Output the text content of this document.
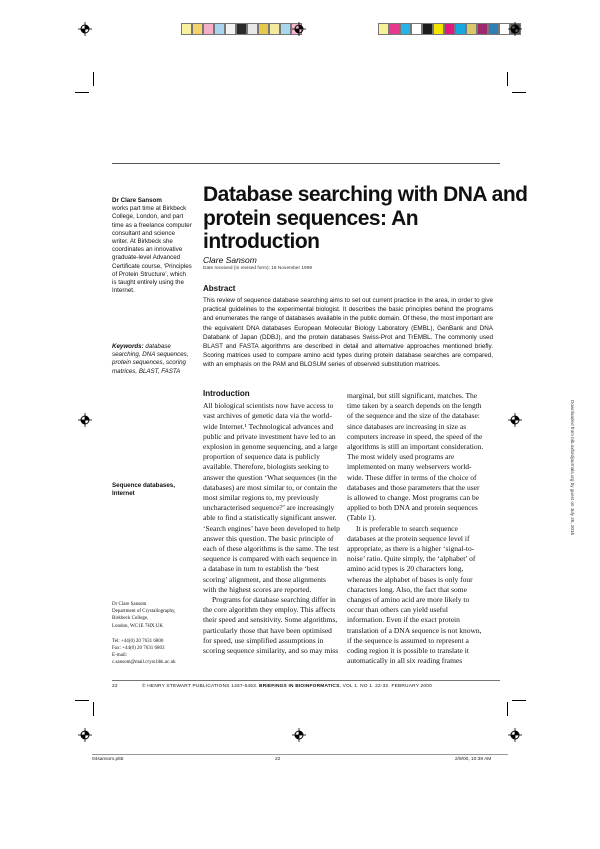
Dr Clare Sansom
works part time at Birkbeck College, London, and part time as a freelance computer consultant and science writer. At Birkbeck she coordinates an innovative graduate-level Advanced Certificate course, ‘Principles of Protein Structure’, which is taught entirely using the Internet.
Keywords: database searching, DNA sequences, protein sequences, scoring matrices, BLAST, FASTA
Sequence databases, Internet
Dr Clare Sansom
Department of Crystallography,
Birkbeck College,
London, WC1E 7HX UK
Tel: +44(0) 20 7631 6800
Fax: +44(0) 20 7631 6803
E-mail:
c.sansom@mail.cryst.bbk.ac.uk
Database searching with DNA and protein sequences: An introduction
Clare Sansom
Date received (in revised form): 18 November 1999
Abstract
This review of sequence database searching aims to set out current practice in the area, in order to give practical guidelines to the experimental biologist. It describes the basic principles behind the programs and enumerates the range of databases available in the public domain. Of these, the most important are the equivalent DNA databases European Molecular Biology Laboratory (EMBL), GenBank and DNA Databank of Japan (DDBJ), and the protein databases Swiss-Prot and TrEMBL. The commonly used BLAST and FASTA algorithms are described in detail and alternative approaches mentioned briefly. Scoring matrices used to compare amino acid types during protein database searches are compared, with an emphasis on the PAM and BLOSUM series of observed substitution matrices.
Introduction

All biological scientists now have access to vast archives of genetic data via the world-wide Internet.¹ Technological advances and public and private investment have led to an explosion in genome sequencing, and a large proportion of sequence data is publicly available. Therefore, biologists seeking to answer the question ‘What sequences (in the databases) are most similar to, or contain the most similar regions to, my previously uncharacterised sequence?’ are increasingly able to find a statistically significant answer. ‘Search engines’ have been developed to help answer this question. The basic principle of each of these algorithms is the same. The test sequence is compared with each sequence in a database in turn to establish the ‘best scoring’ alignment, and those alignments with the highest scores are reported.

Programs for database searching differ in the core algorithm they employ. This affects their speed and sensitivity. Some algorithms, particularly those that have been optimised for speed, use simplified assumptions in scoring sequence similarity, and so may miss

marginal, but still significant, matches. The time taken by a search depends on the length of the sequence and the size of the database: since databases are increasing in size as computers increase in speed, the speed of the algorithms is still an important consideration. The most widely used programs are implemented on many webservers world-wide. These differ in terms of the choice of databases and those parameters that the user is allowed to change. Most programs can be applied to both DNA and protein sequences (Table 1).

It is preferable to search sequence databases at the protein sequence level if appropriate, as there is a higher ‘signal-to-noise’ ratio. Quite simply, the ‘alphabet’ of amino acid types is 20 characters long, whereas the alphabet of bases is only four characters long. Also, the fact that some changes of amino acid are more likely to occur than others can yield useful information. Even if the exact protein translation of a DNA sequence is not known, if the sequence is assumed to represent a coding region it is possible to translate it automatically in all six reading frames

22	© HENRY STEWART PUBLICATIONS 1467-5463. BRIEFINGS IN BIOINFORMATICS. VOL 1. NO 1. 22-32. FEBRUARY 2000
04sansom.p65	22	2/9/00, 10:38 AM
Downloaded from bib.oxfordjournals.org by guest on July 25, 2016
